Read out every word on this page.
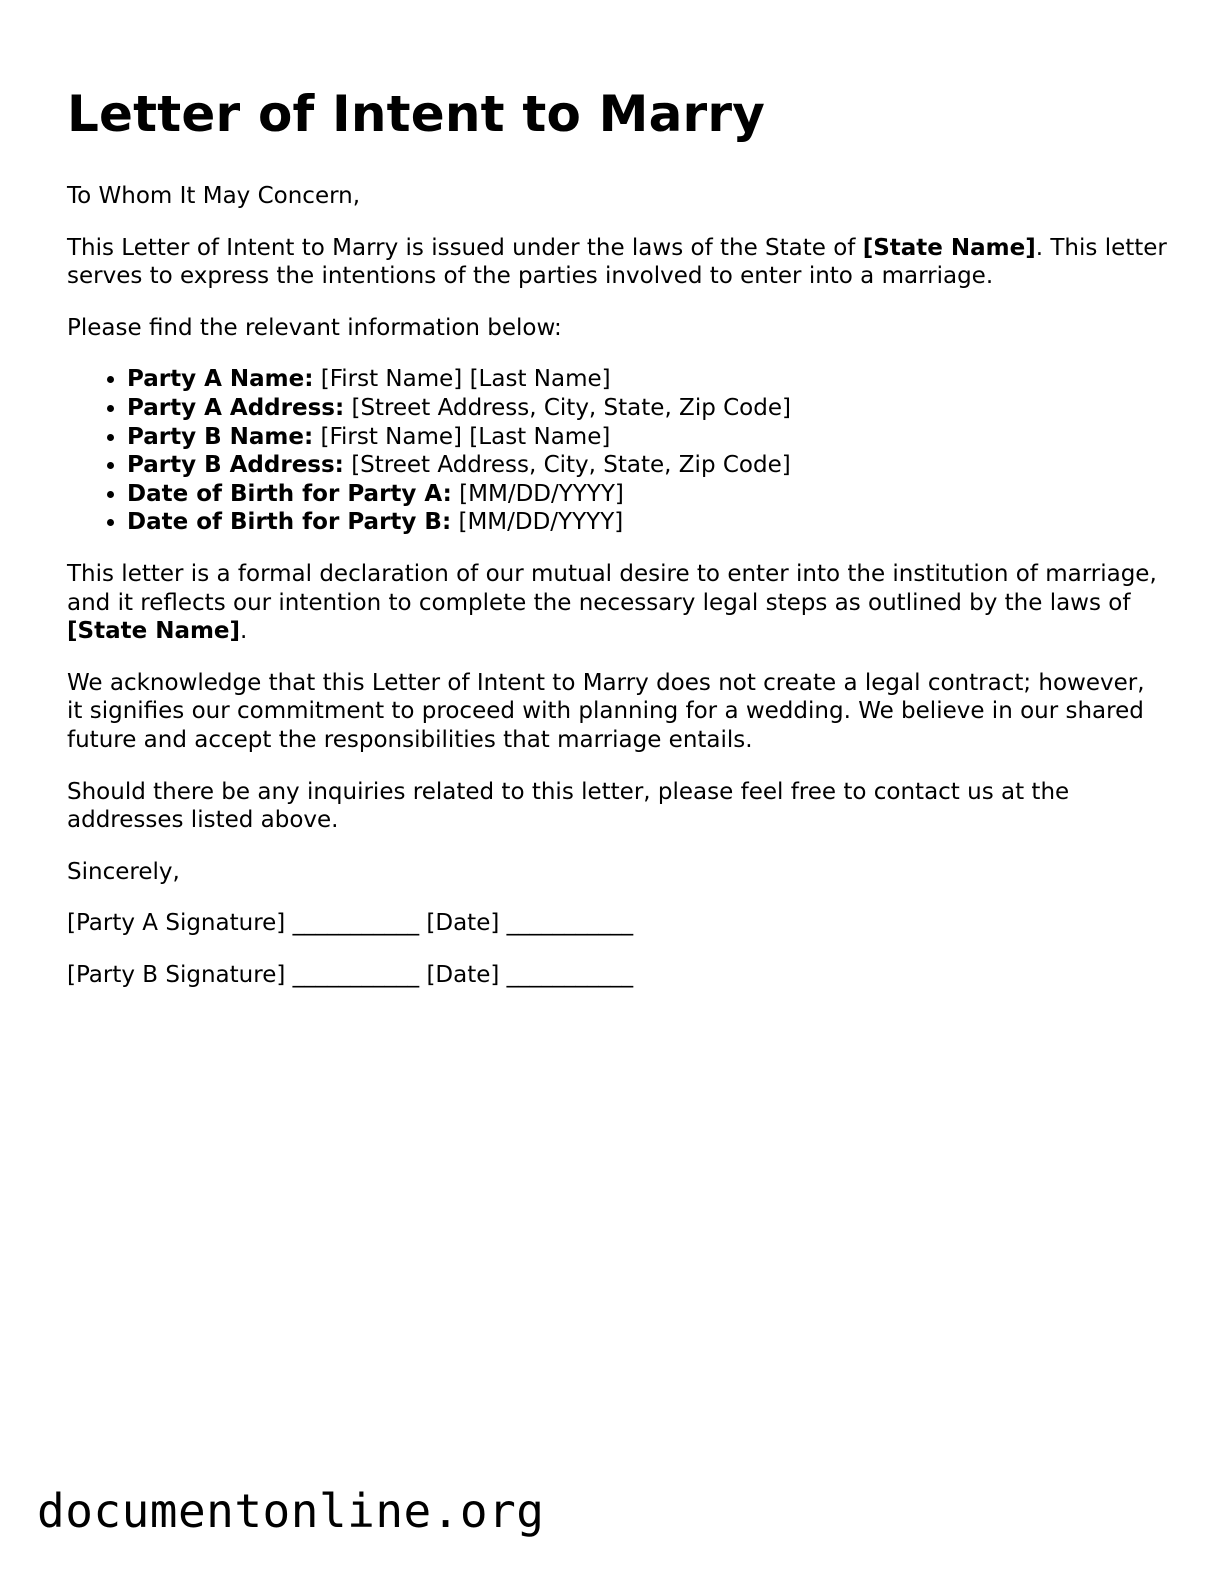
Letter of Intent to Marry

To Whom It May Concern,

This Letter of Intent to Marry is issued under the laws of the State of [State Name]. This letter serves to express the intentions of the parties involved to enter into a marriage.

Please find the relevant information below:

• Party A Name: [First Name] [Last Name]
• Party A Address: [Street Address, City, State, Zip Code]
• Party B Name: [First Name] [Last Name]
• Party B Address: [Street Address, City, State, Zip Code]
• Date of Birth for Party A: [MM/DD/YYYY]
• Date of Birth for Party B: [MM/DD/YYYY]

This letter is a formal declaration of our mutual desire to enter into the institution of marriage, and it reflects our intention to complete the necessary legal steps as outlined by the laws of [State Name].

We acknowledge that this Letter of Intent to Marry does not create a legal contract; however, it signifies our commitment to proceed with planning for a wedding. We believe in our shared future and accept the responsibilities that marriage entails.

Should there be any inquiries related to this letter, please feel free to contact us at the addresses listed above.

Sincerely,

[Party A Signature] ___________ [Date] ___________

[Party B Signature] ___________ [Date] ___________

documentonline.org
